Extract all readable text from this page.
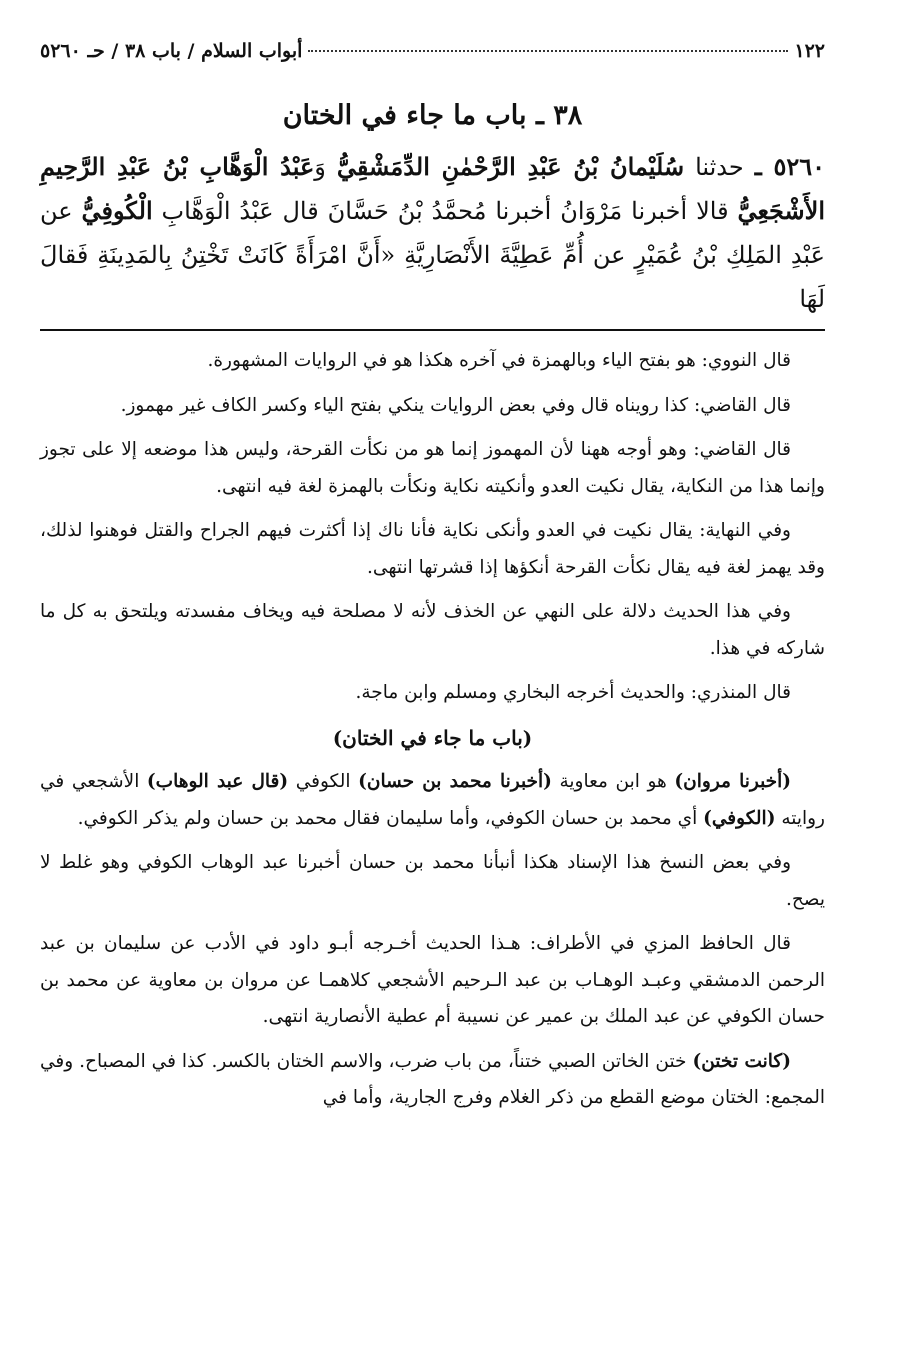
١٢٢
أبواب السلام / باب ٣٨ / حـ ٥٢٦٠
٣٨ ـ باب ما جاء في الختان

٥٢٦٠ ـ حدثنا سُلَيْمانُ بْنُ عَبْدِ الرَّحْمٰنِ الدِّمَشْقِيُّ وَعَبْدُ الْوَهَّابِ بْنُ عَبْدِ الرَّحِيمِ الأَشْجَعِيُّ قالا أخبرنا مَرْوَانُ أخبرنا مُحمَّدُ بْنُ حَسَّانَ قال عَبْدُ الْوَهَّابِ الْكُوفِيُّ عن عَبْدِ المَلِكِ بْنُ عُمَيْرٍ عن أُمِّ عَطِيَّةَ الأَنْصَارِيَّةِ «أَنَّ امْرَأَةً كَانَتْ تَخْتِنُ بِالمَدِينَةِ فَقالَ لَهَا

قال النووي: هو بفتح الياء وبالهمزة في آخره هكذا هو في الروايات المشهورة.

قال القاضي: كذا رويناه قال وفي بعض الروايات ينكي بفتح الياء وكسر الكاف غير مهموز.

قال القاضي: وهو أوجه ههنا لأن المهموز إنما هو من نكأت القرحة، وليس هذا موضعه إلا على تجوز وإنما هذا من النكاية، يقال نكيت العدو وأنكيته نكاية ونكأت بالهمزة لغة فيه انتهى.

وفي النهاية: يقال نكيت في العدو وأنكى نكاية فأنا ناك إذا أكثرت فيهم الجراح والقتل فوهنوا لذلك، وقد يهمز لغة فيه يقال نكأت القرحة أنكؤها إذا قشرتها انتهى.

وفي هذا الحديث دلالة على النهي عن الخذف لأنه لا مصلحة فيه ويخاف مفسدته ويلتحق به كل ما شاركه في هذا.

قال المنذري: والحديث أخرجه البخاري ومسلم وابن ماجة.

(باب ما جاء في الختان)

(أخبرنا مروان) هو ابن معاوية (أخبرنا محمد بن حسان) الكوفي (قال عبد الوهاب) الأشجعي في روايته (الكوفي) أي محمد بن حسان الكوفي، وأما سليمان فقال محمد بن حسان ولم يذكر الكوفي.

وفي بعض النسخ هذا الإسناد هكذا أنبأنا محمد بن حسان أخبرنا عبد الوهاب الكوفي وهو غلط لا يصح.

قال الحافظ المزي في الأطراف: هـذا الحديث أخـرجه أبـو داود في الأدب عن سليمان بن عبد الرحمن الدمشقي وعبـد الوهـاب بن عبد الـرحيم الأشجعي كلاهمـا عن مروان بن معاوية عن محمد بن حسان الكوفي عن عبد الملك بن عمير عن نسيبة أم عطية الأنصارية انتهى.

(كانت تختن) ختن الخاتن الصبي ختناً، من باب ضرب، والاسم الختان بالكسر. كذا في المصباح. وفي المجمع: الختان موضع القطع من ذكر الغلام وفرج الجارية، وأما في
